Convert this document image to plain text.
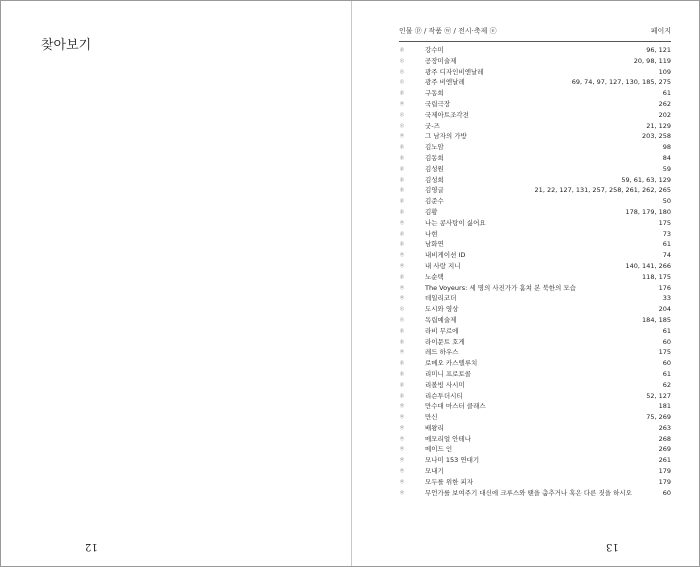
찾아보기
12
인물 ⓟ / 작품 ⓦ / 전시·축제 ⓔ	페이지
ⓟ	강수미	96, 121
ⓔ	공장미술제	20, 98, 119
ⓔ	광주 디자인비엔날레	109
ⓔ	광주 비엔날레	69, 74, 97, 127, 130, 185, 275
ⓟ	구동희	61
ⓦ	국립극장	262
ⓔ	국제아트조각전	202
ⓔ	굿-즈	21, 129
ⓦ	그 남자의 가방	203, 258
ⓟ	김노암	98
ⓟ	김동희	84
ⓟ	김성원	59
ⓟ	김성희	59, 61, 63, 129
ⓟ	김영글	21, 22, 127, 131, 257, 258, 261, 262, 265
ⓟ	김준수	50
ⓟ	김황	178, 179, 180
ⓦ	나는 콩사탕이 싫어요	175
ⓟ	나현	73
ⓟ	남화연	61
ⓦ	내비게이션 ID	74
ⓦ	내 사랑 지니	140, 141, 266
ⓟ	노순택	118, 175
ⓦ	The Voyeurs: 세 명의 사진가가 훔쳐 본 북한의 모습	176
ⓦ	데일리코더	33
ⓔ	도시와 영상	204
ⓔ	독립예술제	184, 185
ⓟ	라비 무르에	61
ⓟ	라이문트 호게	60
ⓦ	레드 하우스	175
ⓟ	로메오 카스텔루치	60
ⓟ	리미니 프로토콜	61
ⓟ	리볼빙 사시미	62
ⓟ	리슨투더시티	52, 127
ⓦ	만수대 마스터 클래스	181
ⓦ	만신	75, 269
ⓦ	배왕리	263
ⓦ	메모리얼 안테나	268
ⓦ	메이드 인	269
ⓦ	모나미 153 연대기	261
ⓦ	모내기	179
ⓦ	모두를 위한 피자	179
ⓦ	무언가를 보여주기 대신에 크루스와 땐을 춤추거나 혹은 다른 짓을 하시오	60
13
